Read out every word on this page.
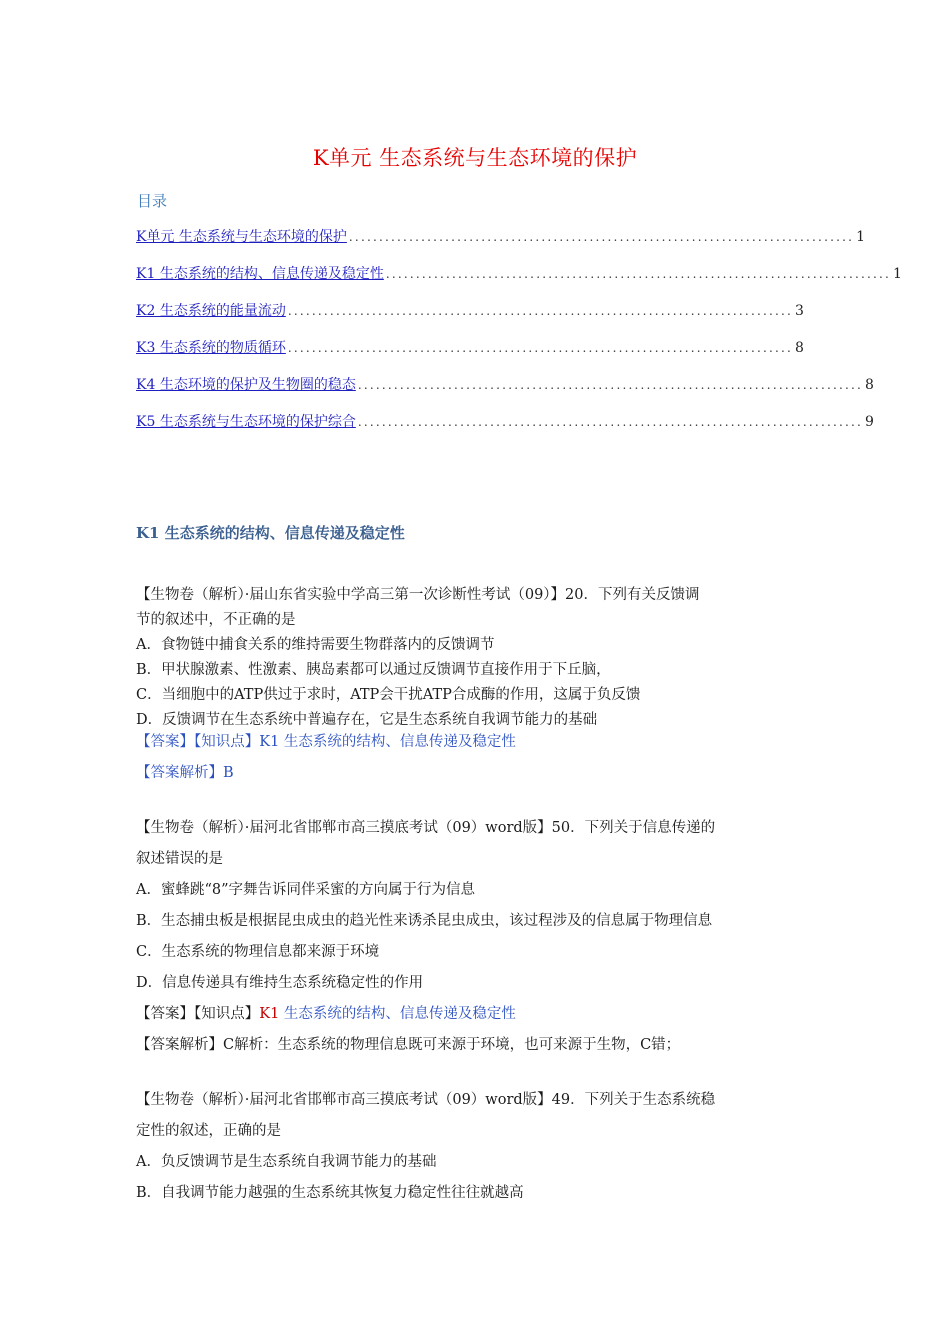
K单元 生态系统与生态环境的保护
目录
K单元 生态系统与生态环境的保护 .................................................................................... 1
K1 生态系统的结构、信息传递及稳定性 .................................................................................... 1
K2 生态系统的能量流动 .................................................................................... 3
K3 生态系统的物质循环 .................................................................................... 8
K4 生态环境的保护及生物圈的稳态 .................................................................................... 8
K5 生态系统与生态环境的保护综合 .................................................................................... 9
K1 生态系统的结构、信息传递及稳定性
【生物卷（解析）·届山东省实验中学高三第一次诊断性考试（09）】20．下列有关反馈调
节的叙述中，不正确的是
A．食物链中捕食关系的维持需要生物群落内的反馈调节
B．甲状腺激素、性激素、胰岛素都可以通过反馈调节直接作用于下丘脑，
C．当细胞中的ATP供过于求时，ATP会干扰ATP合成酶的作用，这属于负反馈
D．反馈调节在生态系统中普遍存在，它是生态系统自我调节能力的基础
【答案】【知识点】K1 生态系统的结构、信息传递及稳定性
【答案解析】B
【生物卷（解析）·届河北省邯郸市高三摸底考试（09）word版】50．下列关于信息传递的
叙述错误的是
A．蜜蜂跳“8”字舞告诉同伴采蜜的方向属于行为信息
B．生态捕虫板是根据昆虫成虫的趋光性来诱杀昆虫成虫，该过程涉及的信息属于物理信息
C．生态系统的物理信息都来源于环境
D．信息传递具有维持生态系统稳定性的作用
【答案】【知识点】K1 生态系统的结构、信息传递及稳定性
【答案解析】C解析：生态系统的物理信息既可来源于环境，也可来源于生物，C错；
【生物卷（解析）·届河北省邯郸市高三摸底考试（09）word版】49．下列关于生态系统稳
定性的叙述，正确的是
A．负反馈调节是生态系统自我调节能力的基础
B．自我调节能力越强的生态系统其恢复力稳定性往往就越高
